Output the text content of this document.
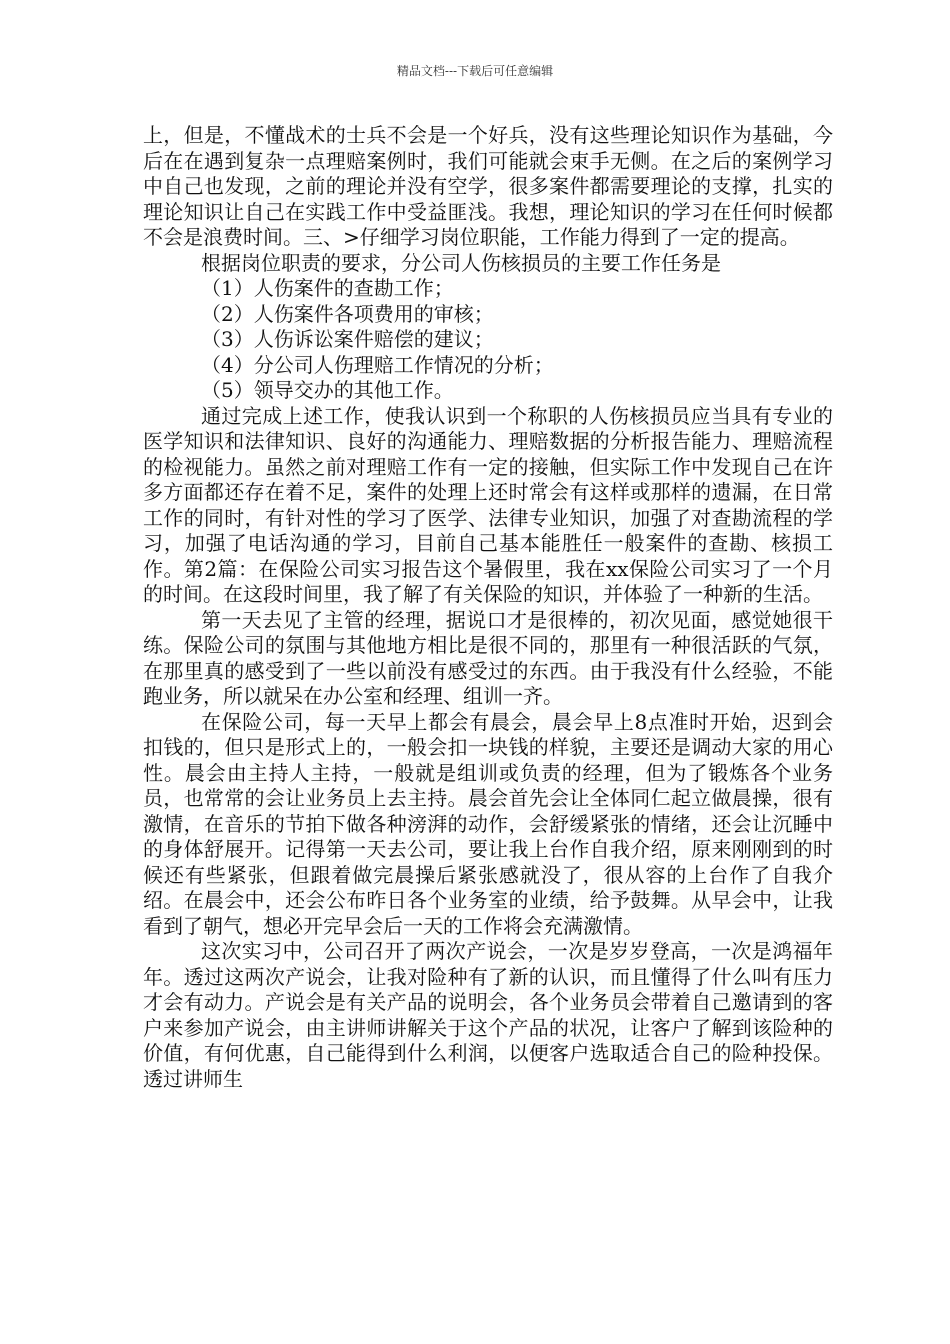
精品文档---下载后可任意编辑

上，但是，不懂战术的士兵不会是一个好兵，没有这些理论知识作为基础，今后在在遇到复杂一点理赔案例时，我们可能就会束手无侧。在之后的案例学习中自己也发现，之前的理论并没有空学，很多案件都需要理论的支撑，扎实的理论知识让自己在实践工作中受益匪浅。我想，理论知识的学习在任何时候都不会是浪费时间。三、>仔细学习岗位职能，工作能力得到了一定的提高。

根据岗位职责的要求，分公司人伤核损员的主要工作任务是

（1）人伤案件的查勘工作；

（2）人伤案件各项费用的审核；

（3）人伤诉讼案件赔偿的建议；

（4）分公司人伤理赔工作情况的分析；

（5）领导交办的其他工作。

通过完成上述工作，使我认识到一个称职的人伤核损员应当具有专业的医学知识和法律知识、良好的沟通能力、理赔数据的分析报告能力、理赔流程的检视能力。虽然之前对理赔工作有一定的接触，但实际工作中发现自己在许多方面都还存在着不足，案件的处理上还时常会有这样或那样的遗漏，在日常工作的同时，有针对性的学习了医学、法律专业知识，加强了对查勘流程的学习，加强了电话沟通的学习，目前自己基本能胜任一般案件的查勘、核损工作。第2篇：在保险公司实习报告这个暑假里，我在xx保险公司实习了一个月的时间。在这段时间里，我了解了有关保险的知识，并体验了一种新的生活。

第一天去见了主管的经理，据说口才是很棒的，初次见面，感觉她很干练。保险公司的氛围与其他地方相比是很不同的，那里有一种很活跃的气氛，在那里真的感受到了一些以前没有感受过的东西。由于我没有什么经验，不能跑业务，所以就呆在办公室和经理、组训一齐。

在保险公司，每一天早上都会有晨会，晨会早上8点准时开始，迟到会扣钱的，但只是形式上的，一般会扣一块钱的样貌，主要还是调动大家的用心性。晨会由主持人主持，一般就是组训或负责的经理，但为了锻炼各个业务员，也常常的会让业务员上去主持。晨会首先会让全体同仁起立做晨操，很有激情，在音乐的节拍下做各种滂湃的动作，会舒缓紧张的情绪，还会让沉睡中的身体舒展开。记得第一天去公司，要让我上台作自我介绍，原来刚刚到的时候还有些紧张，但跟着做完晨操后紧张感就没了，很从容的上台作了自我介绍。在晨会中，还会公布昨日各个业务室的业绩，给予鼓舞。从早会中，让我看到了朝气，想必开完早会后一天的工作将会充满激情。

这次实习中，公司召开了两次产说会，一次是岁岁登高，一次是鸿福年年。透过这两次产说会，让我对险种有了新的认识，而且懂得了什么叫有压力才会有动力。产说会是有关产品的说明会，各个业务员会带着自己邀请到的客户来参加产说会，由主讲师讲解关于这个产品的状况，让客户了解到该险种的价值，有何优惠，自己能得到什么利润，以便客户选取适合自己的险种投保。透过讲师生
